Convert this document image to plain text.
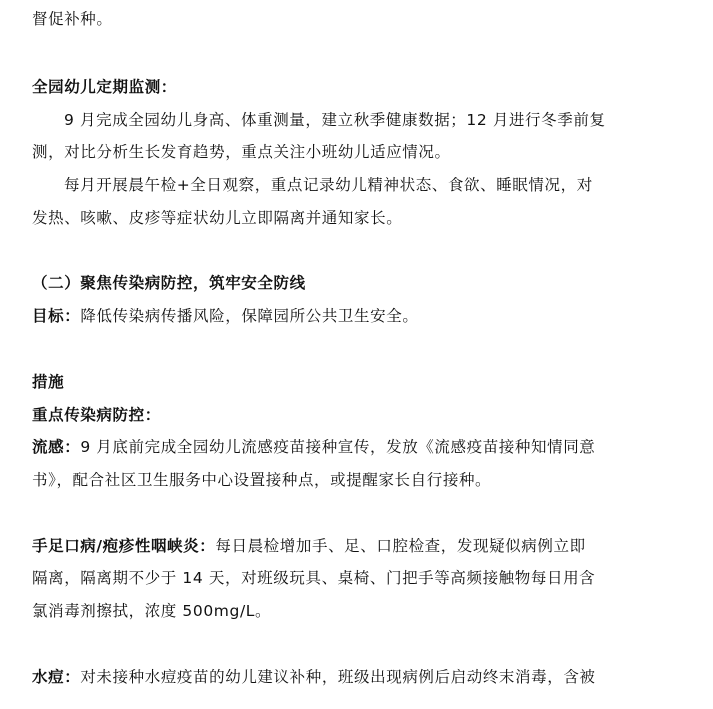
督促补种。
全园幼儿定期监测：
9 月完成全园幼儿身高、体重测量，建立秋季健康数据；12 月进行冬季前复
测，对比分析生长发育趋势，重点关注小班幼儿适应情况。
每月开展晨午检+全日观察，重点记录幼儿精神状态、食欲、睡眠情况，对
发热、咳嗽、皮疹等症状幼儿立即隔离并通知家长。
（二）聚焦传染病防控，筑牢安全防线
目标：降低传染病传播风险，保障园所公共卫生安全。
措施
重点传染病防控：
流感：9 月底前完成全园幼儿流感疫苗接种宣传，发放《流感疫苗接种知情同意
书》，配合社区卫生服务中心设置接种点，或提醒家长自行接种。
手足口病/疱疹性咽峡炎：每日晨检增加手、足、口腔检查，发现疑似病例立即
隔离，隔离期不少于 14 天，对班级玩具、桌椅、门把手等高频接触物每日用含
氯消毒剂擦拭，浓度 500mg/L。
水痘：对未接种水痘疫苗的幼儿建议补种，班级出现病例后启动终末消毒，含被
